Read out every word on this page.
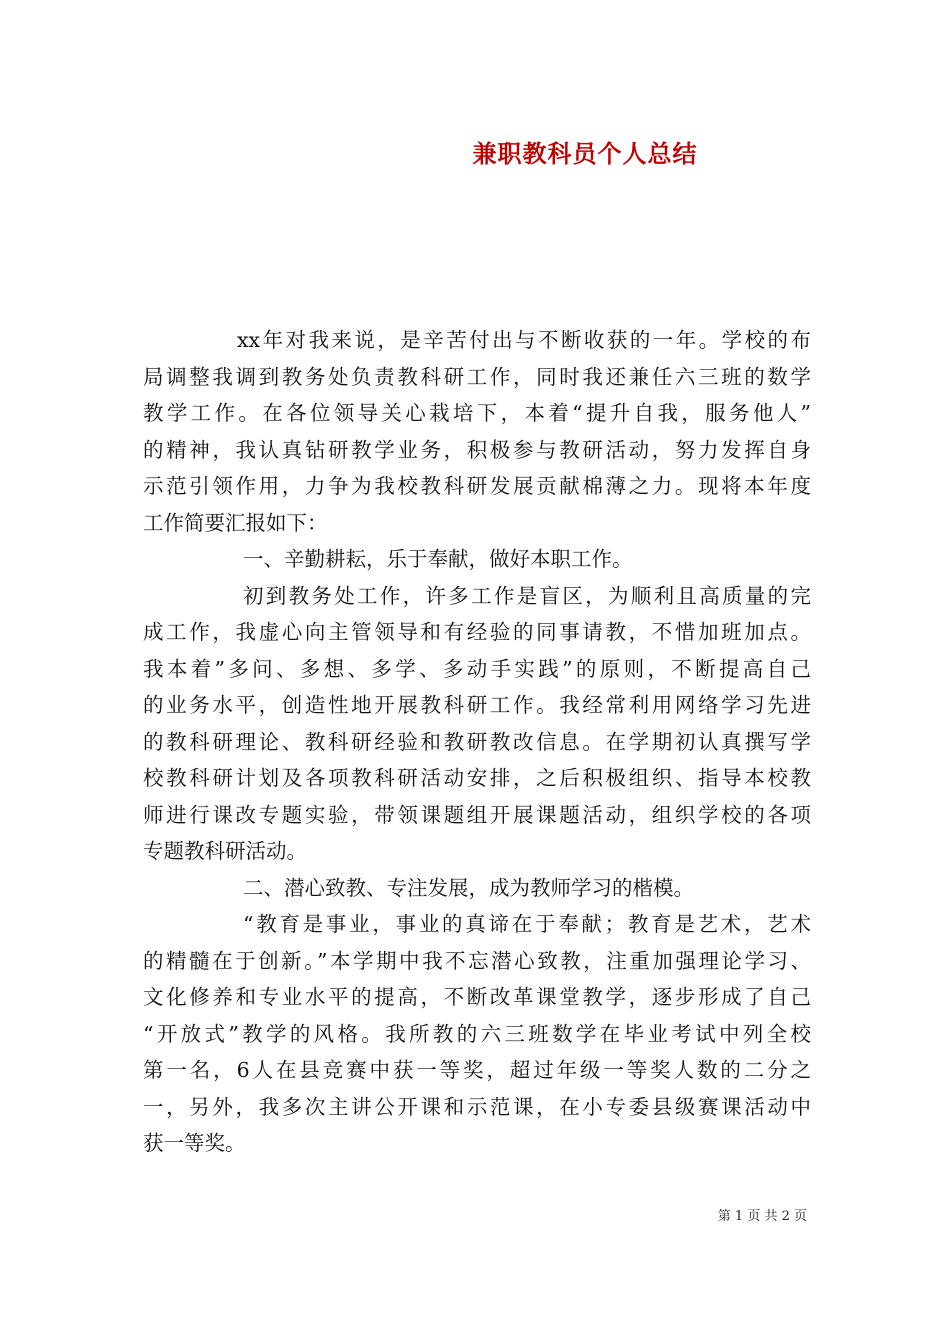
兼职教科员个人总结
xx年对我来说，是辛苦付出与不断收获的一年。学校的布
局调整我调到教务处负责教科研工作，同时我还兼任六三班的数学
教学工作。在各位领导关心栽培下，本着“提升自我，服务他人”
的精神，我认真钻研教学业务，积极参与教研活动，努力发挥自身
示范引领作用，力争为我校教科研发展贡献棉薄之力。现将本年度
工作简要汇报如下：
一、辛勤耕耘，乐于奉献，做好本职工作。
初到教务处工作，许多工作是盲区，为顺利且高质量的完
成工作，我虚心向主管领导和有经验的同事请教，不惜加班加点。
我本着”多问、多想、多学、多动手实践”的原则，不断提高自己
的业务水平，创造性地开展教科研工作。我经常利用网络学习先进
的教科研理论、教科研经验和教研教改信息。在学期初认真撰写学
校教科研计划及各项教科研活动安排，之后积极组织、指导本校教
师进行课改专题实验，带领课题组开展课题活动，组织学校的各项
专题教科研活动。
二、潜心致教、专注发展，成为教师学习的楷模。
“教育是事业，事业的真谛在于奉献；教育是艺术，艺术
的精髓在于创新。”本学期中我不忘潜心致教，注重加强理论学习、
文化修养和专业水平的提高，不断改革课堂教学，逐步形成了自己
“开放式”教学的风格。我所教的六三班数学在毕业考试中列全校
第一名，6人在县竞赛中获一等奖，超过年级一等奖人数的二分之
一，另外，我多次主讲公开课和示范课，在小专委县级赛课活动中
获一等奖。
第 1 页 共 2 页
